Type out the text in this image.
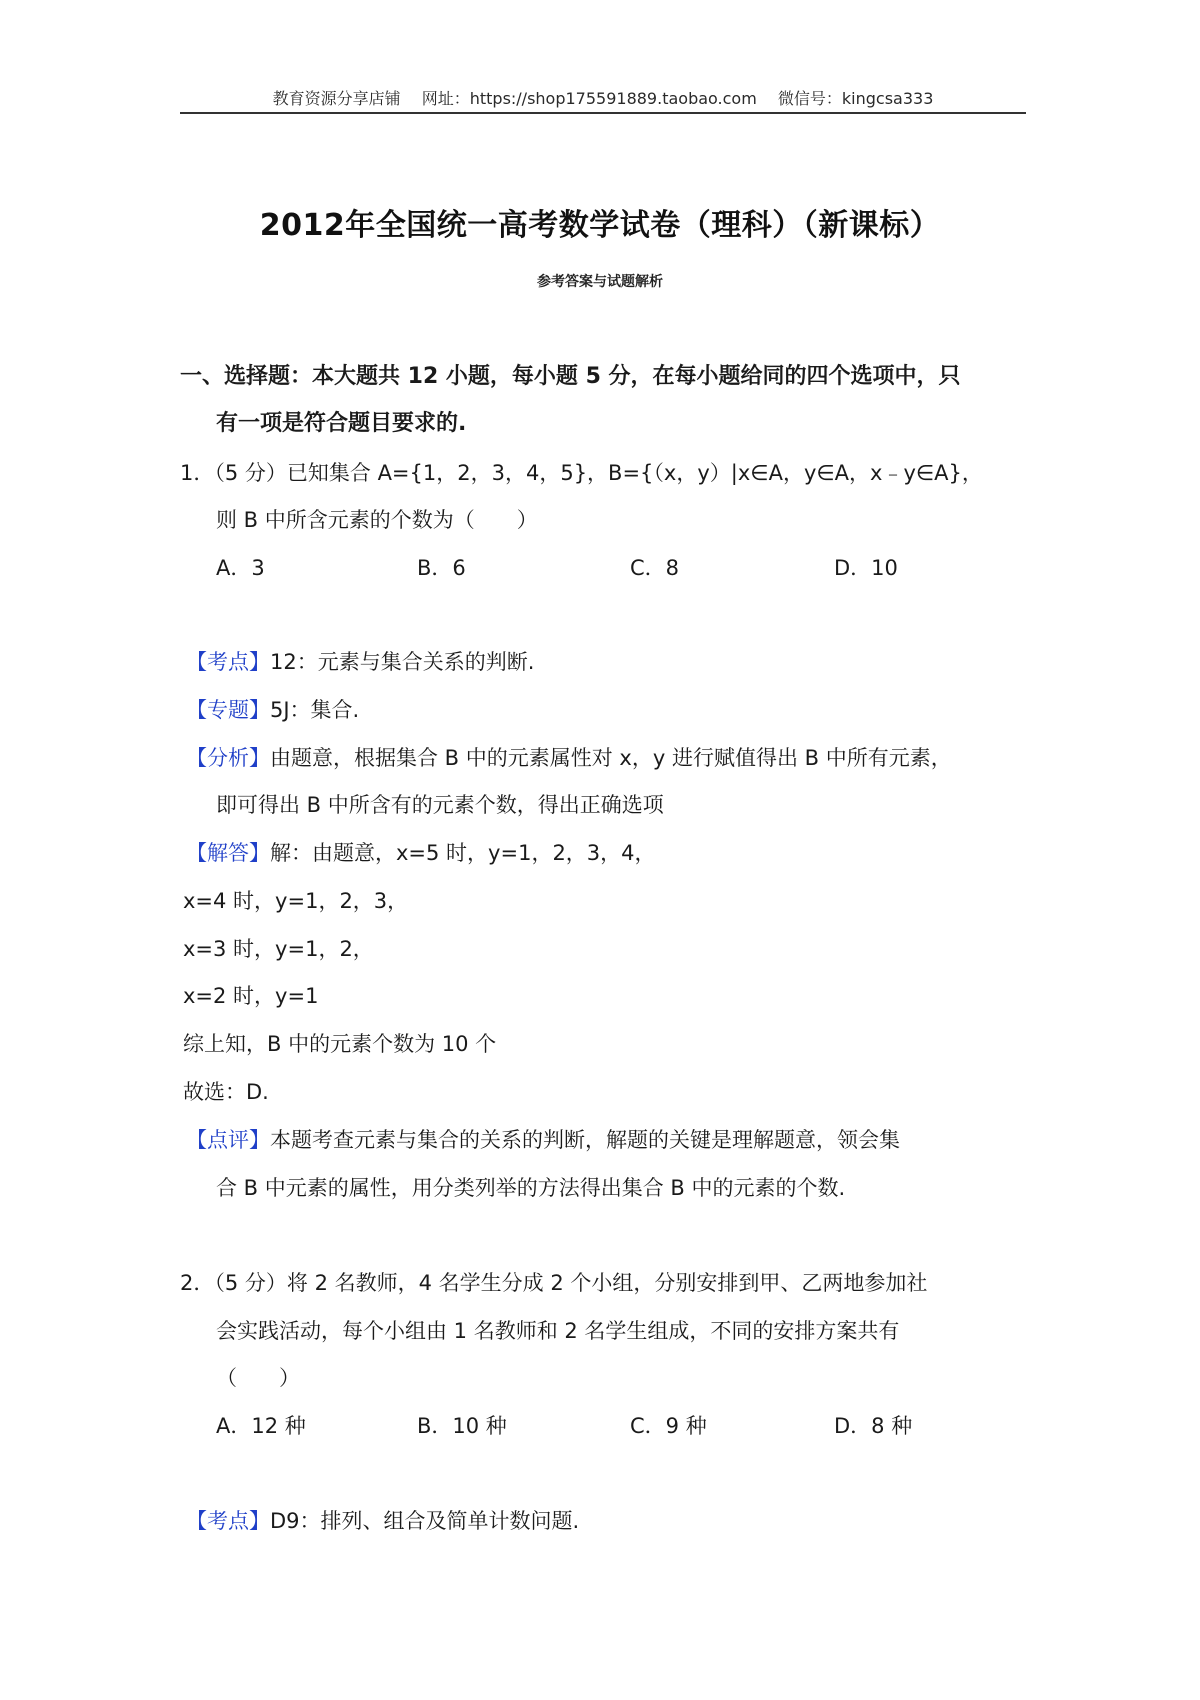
教育资源分享店铺 网址：https://shop175591889.taobao.com 微信号：kingcsa333
2012年全国统一高考数学试卷（理科）（新课标）
参考答案与试题解析
一、选择题：本大题共 12 小题，每小题 5 分，在每小题给同的四个选项中，只
有一项是符合题目要求的.
1．（5 分）已知集合 A={1，2，3，4，5}，B={（x，y）|x∈A，y∈A，x﹣y∈A}，
则 B 中所含元素的个数为（　　）
A．3	B．6	C．8	D．10
【考点】12：元素与集合关系的判断.
【专题】5J：集合.
【分析】由题意，根据集合 B 中的元素属性对 x，y 进行赋值得出 B 中所有元素，
即可得出 B 中所含有的元素个数，得出正确选项
【解答】解：由题意，x=5 时，y=1，2，3，4，
x=4 时，y=1，2，3，
x=3 时，y=1，2，
x=2 时，y=1
综上知，B 中的元素个数为 10 个
故选：D.
【点评】本题考查元素与集合的关系的判断，解题的关键是理解题意，领会集
合 B 中元素的属性，用分类列举的方法得出集合 B 中的元素的个数.
2．（5 分）将 2 名教师，4 名学生分成 2 个小组，分别安排到甲、乙两地参加社
会实践活动，每个小组由 1 名教师和 2 名学生组成，不同的安排方案共有
（　　）
A．12 种	B．10 种	C．9 种	D．8 种
【考点】D9：排列、组合及简单计数问题.
